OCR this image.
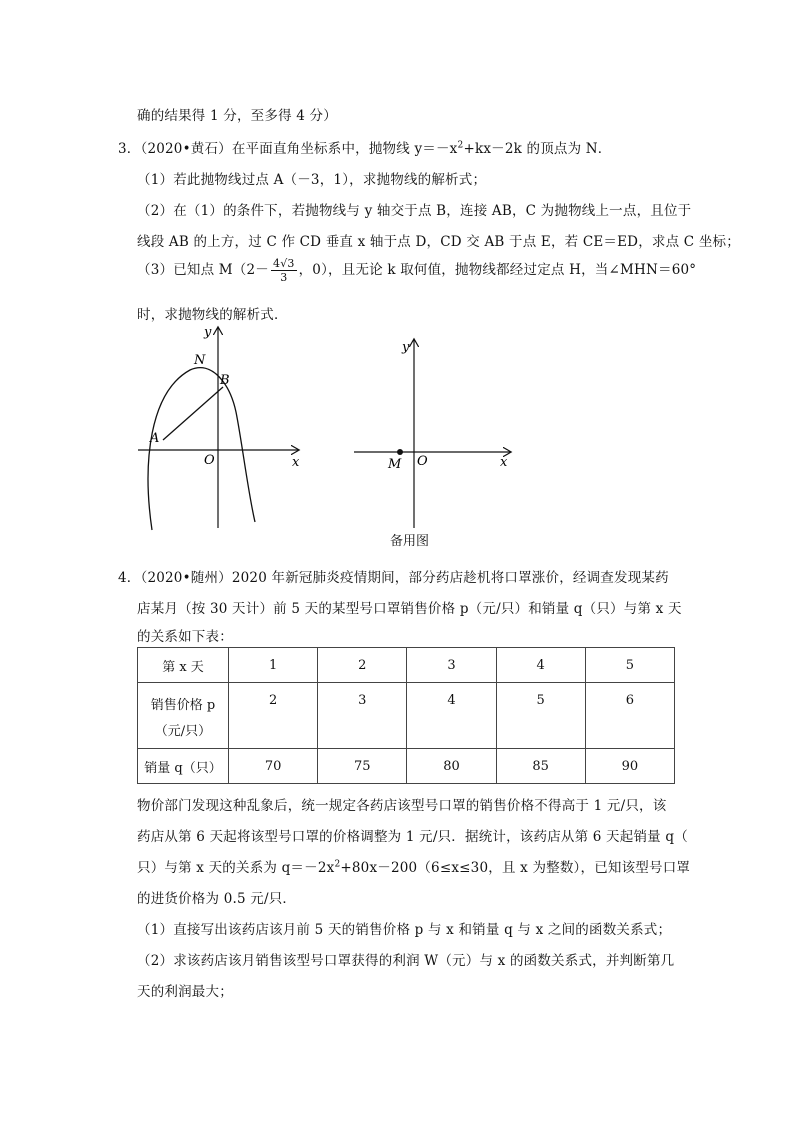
确的结果得 1 分，至多得 4 分）
3．（2020•黄石）在平面直角坐标系中，抛物线 $y=-x^2+kx-2k$ 的顶点为 N．
（1）若此抛物线过点 A（－3，1），求抛物线的解析式；
（2）在（1）的条件下，若抛物线与 y 轴交于点 B，连接 AB，C 为抛物线上一点，且位于
线段 AB 的上方，过 C 作 CD 垂直 x 轴于点 D，CD 交 AB 于点 E，若 CE＝ED，求点 C 坐标；
（3）已知点 $M(2- \frac{4√3}{3}$ ，0），且无论 k 取何值，抛物线都经过定点 H，当∠MHN＝60°
时，求抛物线的解析式．
y
x
O
N
B
A
y
x
O
M
备用图
4．（2020•随州）2020 年新冠肺炎疫情期间，部分药店趁机将口罩涨价，经调查发现某药
店某月（按 30 天计）前 5 天的某型号口罩销售价格 p（元/只）和销量 q（只）与第 x 天
的关系如下表：
第 x 天	1	2	3	4	5

销售价格 p
（元/只）	2	3	4	5	6
销量 q（只）	70	75	80	85	90
物价部门发现这种乱象后，统一规定各药店该型号口罩的销售价格不得高于 1 元/只，该
药店从第 6 天起将该型号口罩的价格调整为 1 元/只．据统计，该药店从第 6 天起销量 q（
只）与第 x 天的关系为 $q=-2x^2+80x-200(6\le x\le 30$，且 x 为整数），已知该型号口罩
的进货价格为 0.5 元/只．
（1）直接写出该药店该月前 5 天的销售价格 p 与 x 和销量 q 与 x 之间的函数关系式；
（2）求该药店该月销售该型号口罩获得的利润 W（元）与 x 的函数关系式，并判断第几
天的利润最大；
